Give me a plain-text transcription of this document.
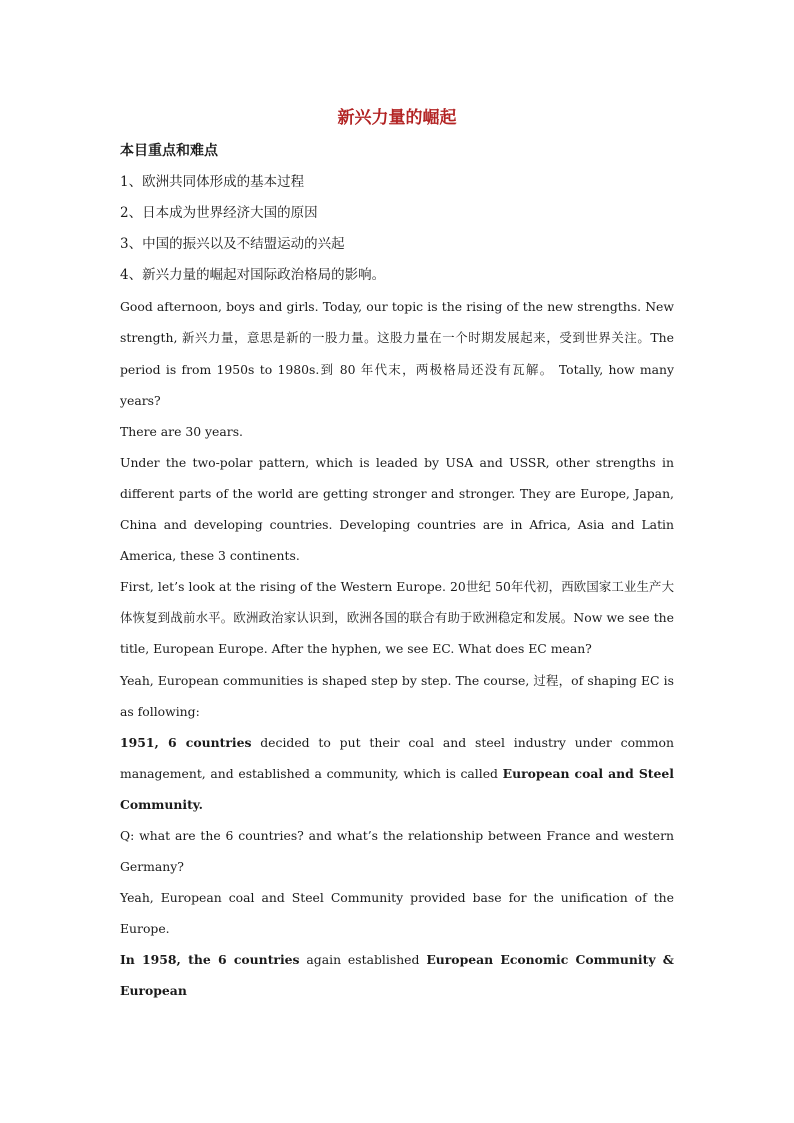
新兴力量的崛起

本目重点和难点

1、欧洲共同体形成的基本过程

2、日本成为世界经济大国的原因

3、中国的振兴以及不结盟运动的兴起

4、新兴力量的崛起对国际政治格局的影响。

Good afternoon, boys and girls. Today, our topic is the rising of the new strengths. New strength, 新兴力量，意思是新的一股力量。这股力量在一个时期发展起来，受到世界关注。The period is from 1950s to 1980s.到 80 年代末，两极格局还没有瓦解。 Totally, how many years?

There are 30 years.

Under the two-polar pattern, which is leaded by USA and USSR, other strengths in different parts of the world are getting stronger and stronger. They are Europe, Japan, China and developing countries. Developing countries are in Africa, Asia and Latin America, these 3 continents.

First, let’s look at the rising of the Western Europe. 20世纪 50年代初，西欧国家工业生产大体恢复到战前水平。欧洲政治家认识到，欧洲各国的联合有助于欧洲稳定和发展。Now we see the title, European Europe. After the hyphen, we see EC. What does EC mean?

Yeah, European communities is shaped step by step. The course, 过程，of shaping EC is as following:

1951, 6 countries decided to put their coal and steel industry under common management, and established a community, which is called European coal and Steel Community.

Q: what are the 6 countries? and what’s the relationship between France and western Germany?

Yeah, European coal and Steel Community provided base for the unification of the Europe.

In 1958, the 6 countries again established European Economic Community & European
